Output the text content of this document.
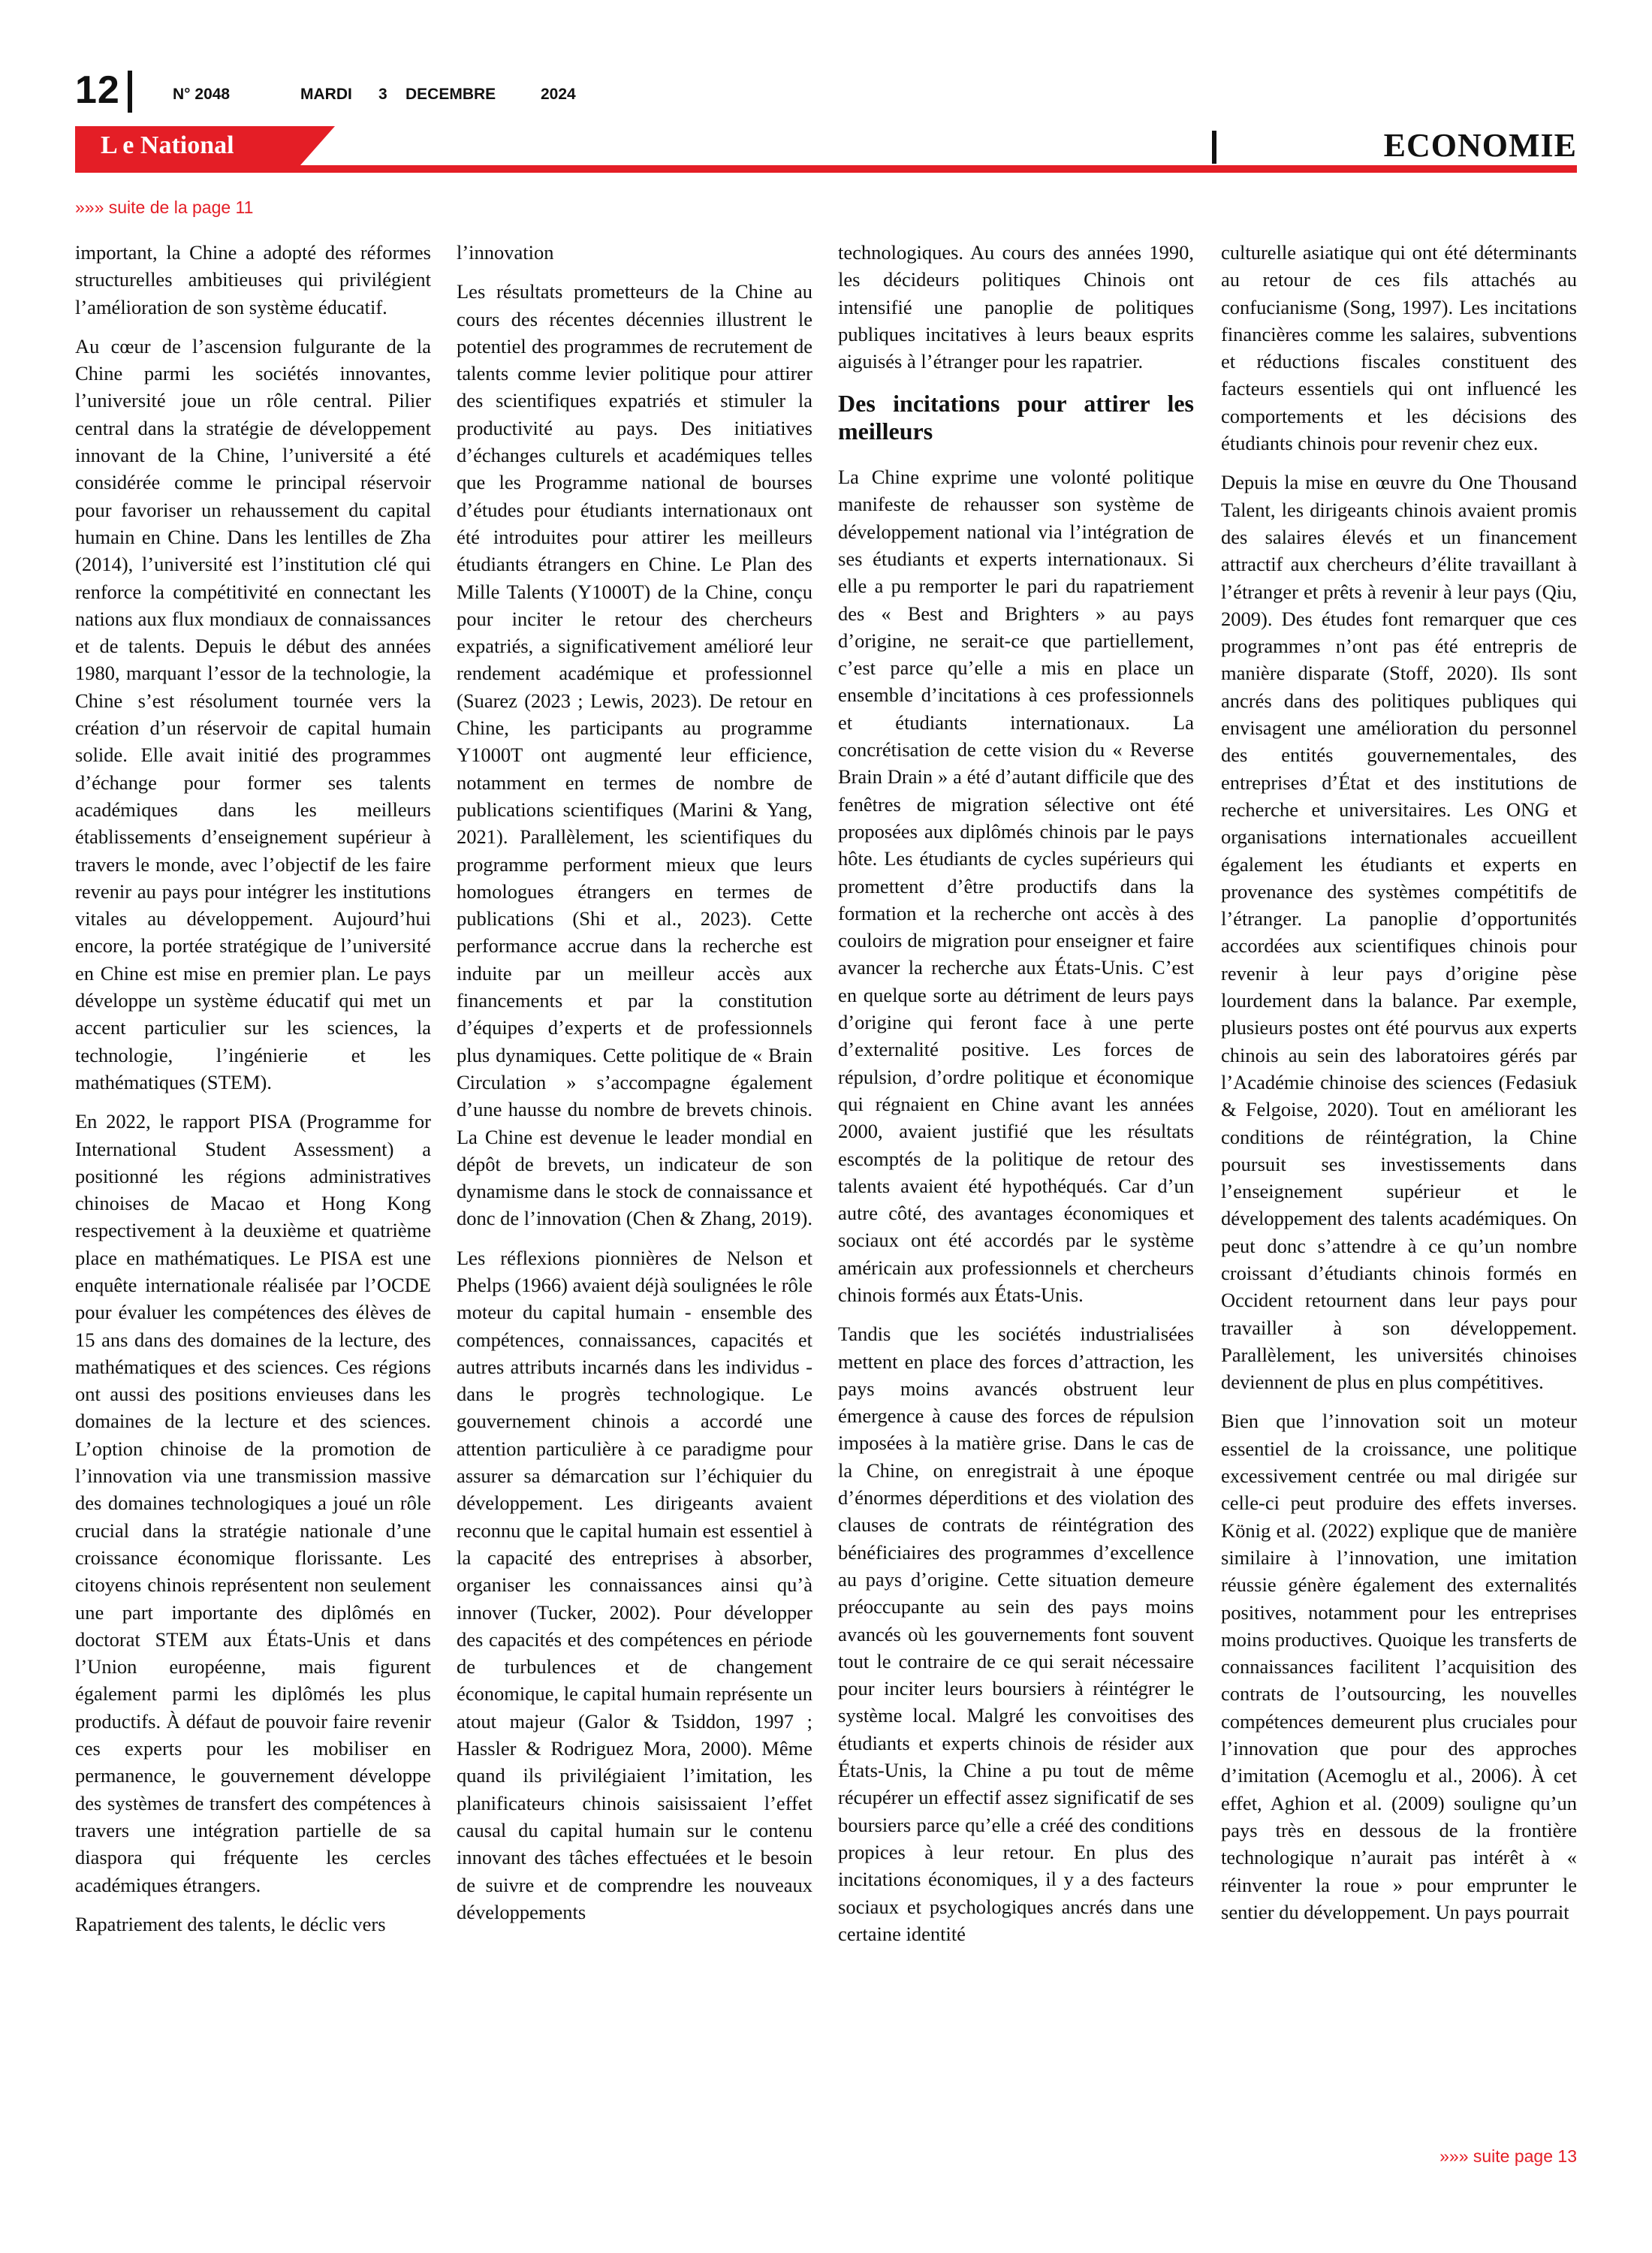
12	N° 2048	MARDI 3 DECEMBRE	2024
L e National	ECONOMIE
»»» suite de la page 11

important, la Chine a adopté des réformes structurelles ambitieuses qui privilégient l’amélioration de son système éducatif.

Au cœur de l’ascension fulgurante de la Chine parmi les sociétés innovantes, l’université joue un rôle central. Pilier central dans la stratégie de développement innovant de la Chine, l’université a été considérée comme le principal réservoir pour favoriser un rehaussement du capital humain en Chine. Dans les lentilles de Zha (2014), l’université est l’institution clé qui renforce la compétitivité en connectant les nations aux flux mondiaux de connaissances et de talents. Depuis le début des années 1980, marquant l’essor de la technologie, la Chine s’est résolument tournée vers la création d’un réservoir de capital humain solide. Elle avait initié des programmes d’échange pour former ses talents académiques dans les meilleurs établissements d’enseignement supérieur à travers le monde, avec l’objectif de les faire revenir au pays pour intégrer les institutions vitales au développement. Aujourd’hui encore, la portée stratégique de l’université en Chine est mise en premier plan. Le pays développe un système éducatif qui met un accent particulier sur les sciences, la technologie, l’ingénierie et les mathématiques (STEM).

En 2022, le rapport PISA (Programme for International Student Assessment) a positionné les régions administratives chinoises de Macao et Hong Kong respectivement à la deuxième et quatrième place en mathématiques. Le PISA est une enquête internationale réalisée par l’OCDE pour évaluer les compétences des élèves de 15 ans dans des domaines de la lecture, des mathématiques et des sciences. Ces régions ont aussi des positions envieuses dans les domaines de la lecture et des sciences. L’option chinoise de la promotion de l’innovation via une transmission massive des domaines technologiques a joué un rôle crucial dans la stratégie nationale d’une croissance économique florissante. Les citoyens chinois représentent non seulement une part importante des diplômés en doctorat STEM aux États-Unis et dans l’Union européenne, mais figurent également parmi les diplômés les plus productifs. À défaut de pouvoir faire revenir ces experts pour les mobiliser en permanence, le gouvernement développe des systèmes de transfert des compétences à travers une intégration partielle de sa diaspora qui fréquente les cercles académiques étrangers.

Rapatriement des talents, le déclic vers

l’innovation

Les résultats prometteurs de la Chine au cours des récentes décennies illustrent le potentiel des programmes de recrutement de talents comme levier politique pour attirer des scientifiques expatriés et stimuler la productivité au pays. Des initiatives d’échanges culturels et académiques telles que les Programme national de bourses d’études pour étudiants internationaux ont été introduites pour attirer les meilleurs étudiants étrangers en Chine. Le Plan des Mille Talents (Y1000T) de la Chine, conçu pour inciter le retour des chercheurs expatriés, a significativement amélioré leur rendement académique et professionnel (Suarez (2023 ; Lewis, 2023). De retour en Chine, les participants au programme Y1000T ont augmenté leur efficience, notamment en termes de nombre de publications scientifiques (Marini & Yang, 2021). Parallèlement, les scientifiques du programme performent mieux que leurs homologues étrangers en termes de publications (Shi et al., 2023). Cette performance accrue dans la recherche est induite par un meilleur accès aux financements et par la constitution d’équipes d’experts et de professionnels plus dynamiques. Cette politique de « Brain Circulation » s’accompagne également d’une hausse du nombre de brevets chinois. La Chine est devenue le leader mondial en dépôt de brevets, un indicateur de son dynamisme dans le stock de connaissance et donc de l’innovation (Chen & Zhang, 2019).

Les réflexions pionnières de Nelson et Phelps (1966) avaient déjà soulignées le rôle moteur du capital humain - ensemble des compétences, connaissances, capacités et autres attributs incarnés dans les individus - dans le progrès technologique. Le gouvernement chinois a accordé une attention particulière à ce paradigme pour assurer sa démarcation sur l’échiquier du développement. Les dirigeants avaient reconnu que le capital humain est essentiel à la capacité des entreprises à absorber, organiser les connaissances ainsi qu’à innover (Tucker, 2002). Pour développer des capacités et des compétences en période de turbulences et de changement économique, le capital humain représente un atout majeur (Galor & Tsiddon, 1997 ; Hassler & Rodriguez Mora, 2000). Même quand ils privilégiaient l’imitation, les planificateurs chinois saisissaient l’effet causal du capital humain sur le contenu innovant des tâches effectuées et le besoin de suivre et de comprendre les nouveaux développements

technologiques. Au cours des années 1990, les décideurs politiques Chinois ont intensifié une panoplie de politiques publiques incitatives à leurs beaux esprits aiguisés à l’étranger pour les rapatrier.

Des incitations pour attirer les meilleurs

La Chine exprime une volonté politique manifeste de rehausser son système de développement national via l’intégration de ses étudiants et experts internationaux. Si elle a pu remporter le pari du rapatriement des « Best and Brighters » au pays d’origine, ne serait-ce que partiellement, c’est parce qu’elle a mis en place un ensemble d’incitations à ces professionnels et étudiants internationaux. La concrétisation de cette vision du « Reverse Brain Drain » a été d’autant difficile que des fenêtres de migration sélective ont été proposées aux diplômés chinois par le pays hôte. Les étudiants de cycles supérieurs qui promettent d’être productifs dans la formation et la recherche ont accès à des couloirs de migration pour enseigner et faire avancer la recherche aux États-Unis. C’est en quelque sorte au détriment de leurs pays d’origine qui feront face à une perte d’externalité positive. Les forces de répulsion, d’ordre politique et économique qui régnaient en Chine avant les années 2000, avaient justifié que les résultats escomptés de la politique de retour des talents avaient été hypothéqués. Car d’un autre côté, des avantages économiques et sociaux ont été accordés par le système américain aux professionnels et chercheurs chinois formés aux États-Unis.

Tandis que les sociétés industrialisées mettent en place des forces d’attraction, les pays moins avancés obstruent leur émergence à cause des forces de répulsion imposées à la matière grise. Dans le cas de la Chine, on enregistrait à une époque d’énormes déperditions et des violation des clauses de contrats de réintégration des bénéficiaires des programmes d’excellence au pays d’origine. Cette situation demeure préoccupante au sein des pays moins avancés où les gouvernements font souvent tout le contraire de ce qui serait nécessaire pour inciter leurs boursiers à réintégrer le système local. Malgré les convoitises des étudiants et experts chinois de résider aux États-Unis, la Chine a pu tout de même récupérer un effectif assez significatif de ses boursiers parce qu’elle a créé des conditions propices à leur retour. En plus des incitations économiques, il y a des facteurs sociaux et psychologiques ancrés dans une certaine identité

culturelle asiatique qui ont été déterminants au retour de ces fils attachés au confucianisme (Song, 1997). Les incitations financières comme les salaires, subventions et réductions fiscales constituent des facteurs essentiels qui ont influencé les comportements et les décisions des étudiants chinois pour revenir chez eux.

Depuis la mise en œuvre du One Thousand Talent, les dirigeants chinois avaient promis des salaires élevés et un financement attractif aux chercheurs d’élite travaillant à l’étranger et prêts à revenir à leur pays (Qiu, 2009). Des études font remarquer que ces programmes n’ont pas été entrepris de manière disparate (Stoff, 2020). Ils sont ancrés dans des politiques publiques qui envisagent une amélioration du personnel des entités gouvernementales, des entreprises d’État et des institutions de recherche et universitaires. Les ONG et organisations internationales accueillent également les étudiants et experts en provenance des systèmes compétitifs de l’étranger. La panoplie d’opportunités accordées aux scientifiques chinois pour revenir à leur pays d’origine pèse lourdement dans la balance. Par exemple, plusieurs postes ont été pourvus aux experts chinois au sein des laboratoires gérés par l’Académie chinoise des sciences (Fedasiuk & Felgoise, 2020). Tout en améliorant les conditions de réintégration, la Chine poursuit ses investissements dans l’enseignement supérieur et le développement des talents académiques. On peut donc s’attendre à ce qu’un nombre croissant d’étudiants chinois formés en Occident retournent dans leur pays pour travailler à son développement. Parallèlement, les universités chinoises deviennent de plus en plus compétitives.

Bien que l’innovation soit un moteur essentiel de la croissance, une politique excessivement centrée ou mal dirigée sur celle-ci peut produire des effets inverses. König et al. (2022) explique que de manière similaire à l’innovation, une imitation réussie génère également des externalités positives, notamment pour les entreprises moins productives. Quoique les transferts de connaissances facilitent l’acquisition des contrats de l’outsourcing, les nouvelles compétences demeurent plus cruciales pour l’innovation que pour des approches d’imitation (Acemoglu et al., 2006). À cet effet, Aghion et al. (2009) souligne qu’un pays très en dessous de la frontière technologique n’aurait pas intérêt à « réinventer la roue » pour emprunter le sentier du développement. Un pays pourrait

»»» suite page 13
